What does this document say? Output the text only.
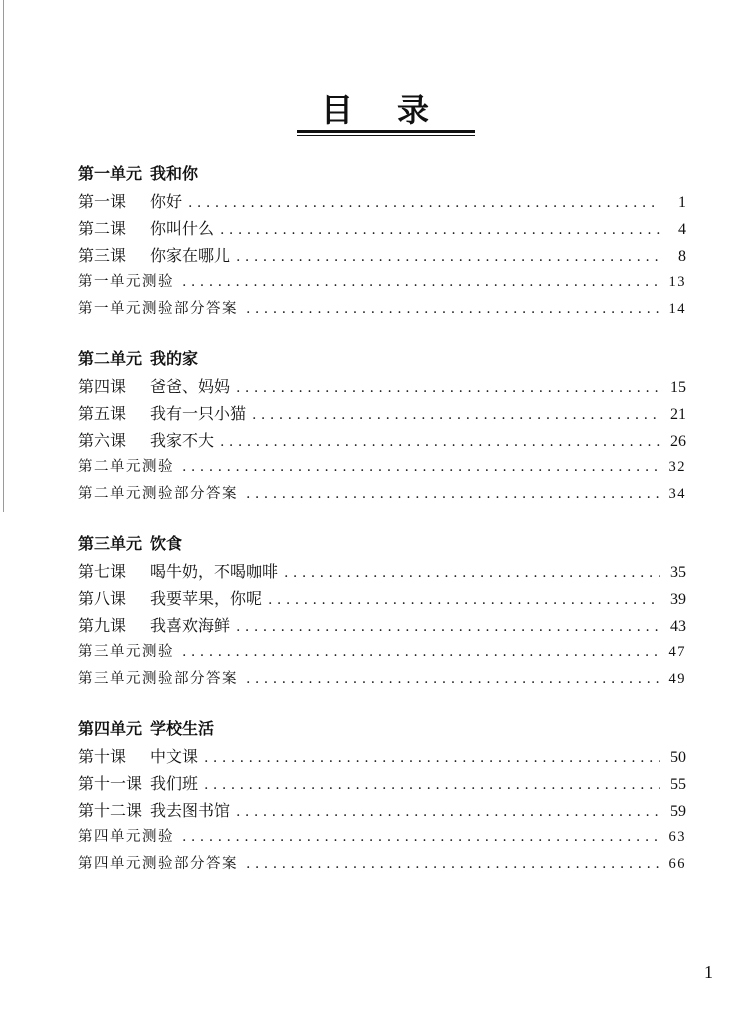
目录
第一单元 我和你
第一课	你好 . . .	1
第二课	你叫什么 . . .	4
第三课	你家在哪儿 . . .	8
第一单元测验 . . .	13
第一单元测验部分答案 . . .	14
第二单元 我的家
第四课	爸爸、妈妈 . . .	15
第五课	我有一只小猫 . . .	21
第六课	我家不大 . . .	26
第二单元测验 . . .	32
第二单元测验部分答案 . . .	34
第三单元 饮食
第七课	喝牛奶，不喝咖啡 . . .	35
第八课	我要苹果，你呢 . . .	39
第九课	我喜欢海鲜 . . .	43
第三单元测验 . . .	47
第三单元测验部分答案 . . .	49
第四单元 学校生活
第十课	中文课 . . .	50
第十一课 我们班 . . .	55
第十二课 我去图书馆 . . .	59
第四单元测验 . . .	63
第四单元测验部分答案 . . .	66
1
